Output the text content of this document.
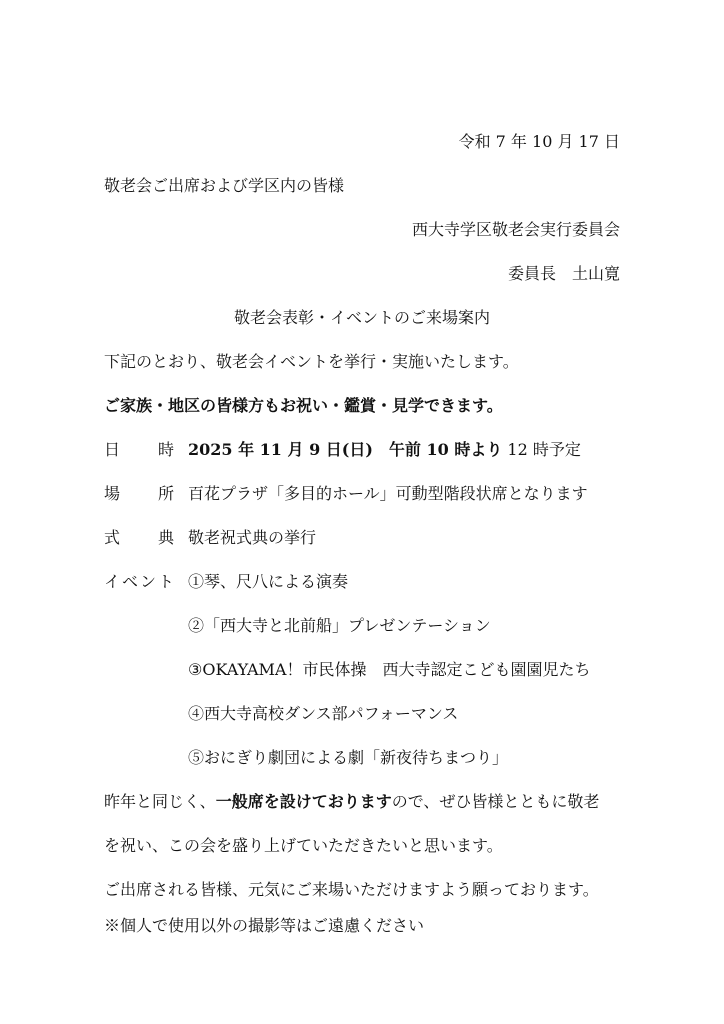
令和 7 年 10 月 17 日
敬老会ご出席および学区内の皆様
西大寺学区敬老会実行委員会
委員長　土山寛
敬老会表彰・イベントのご来場案内
下記のとおり、敬老会イベントを挙行・実施いたします。
ご家族・地区の皆様方もお祝い・鑑賞・見学できます。
日 時 2025 年 11 月 9 日(日)　午前 10 時より 12 時予定
場 所 百花プラザ「多目的ホール」可動型階段状席となります
式 典 敬老祝式典の挙行
イベント ①琴、尺八による演奏
②「西大寺と北前船」プレゼンテーション
③OKAYAMA！市民体操　西大寺認定こども園園児たち
④西大寺高校ダンス部パフォーマンス
⑤おにぎり劇団による劇「新夜待ちまつり」
昨年と同じく、一般席を設けておりますので、ぜひ皆様とともに敬老
を祝い、この会を盛り上げていただきたいと思います。
ご出席される皆様、元気にご来場いただけますよう願っております。
※個人で使用以外の撮影等はご遠慮ください
